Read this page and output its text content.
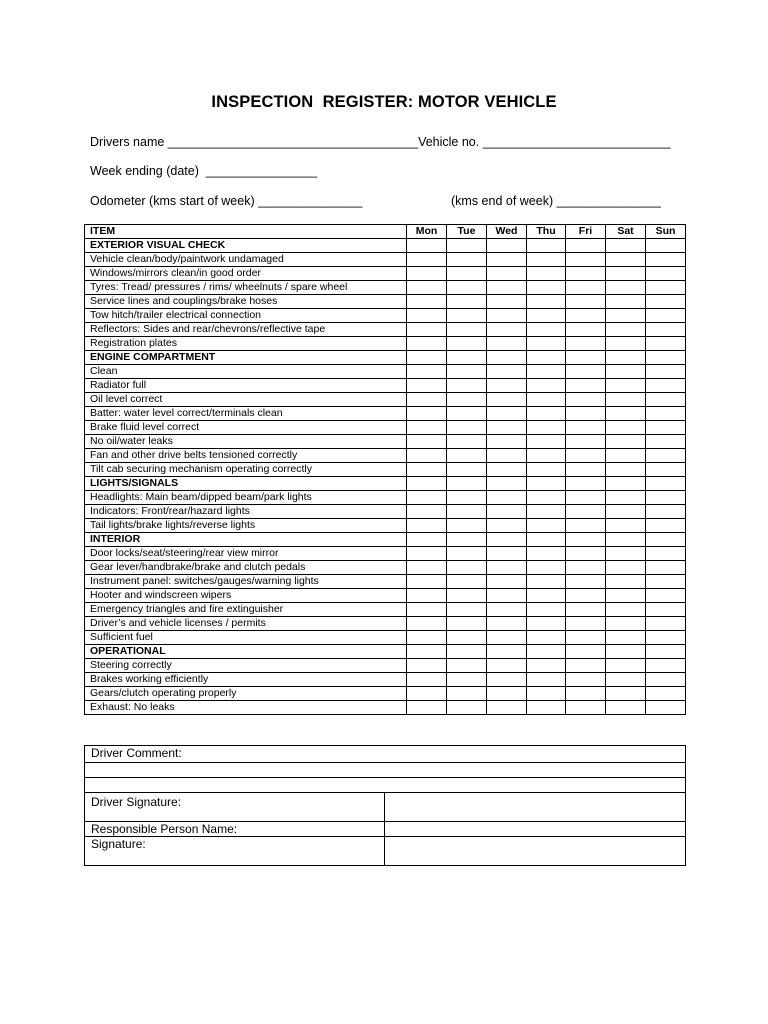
INSPECTION  REGISTER: MOTOR VEHICLE
Drivers name ____________________________________Vehicle no. ___________________________
Week ending (date)  ________________
Odometer (kms start of week) _______________	(kms end of week) _______________
ITEM	Mon	Tue	Wed	Thu	Fri	Sat	Sun
EXTERIOR VISUAL CHECK							
Vehicle clean/body/paintwork undamaged							
Windows/mirrors clean/in good order							
Tyres: Tread/ pressures / rims/ wheelnuts / spare wheel							
Service lines and couplings/brake hoses							
Tow hitch/trailer electrical connection							
Reflectors: Sides and rear/chevrons/reflective tape							
Registration plates							
ENGINE COMPARTMENT							
Clean							
Radiator full							
Oil level correct							
Batter: water level correct/terminals clean							
Brake fluid level correct							
No oil/water leaks							
Fan and other drive belts tensioned correctly							
Tilt cab securing mechanism operating correctly							
LIGHTS/SIGNALS							
Headlights: Main beam/dipped beam/park lights							
Indicators: Front/rear/hazard lights							
Tail lights/brake lights/reverse lights							
INTERIOR							
Door locks/seat/steering/rear view mirror							
Gear lever/handbrake/brake and clutch pedals							
Instrument panel: switches/gauges/warning lights							
Hooter and windscreen wipers							
Emergency triangles and fire extinguisher							
Driver’s and vehicle licenses / permits							
Sufficient fuel							
OPERATIONAL							
Steering correctly							
Brakes working efficiently							
Gears/clutch operating properly							
Exhaust: No leaks							
Driver Comment:	

Driver Signature:	
Responsible Person Name:	
Signature:	
